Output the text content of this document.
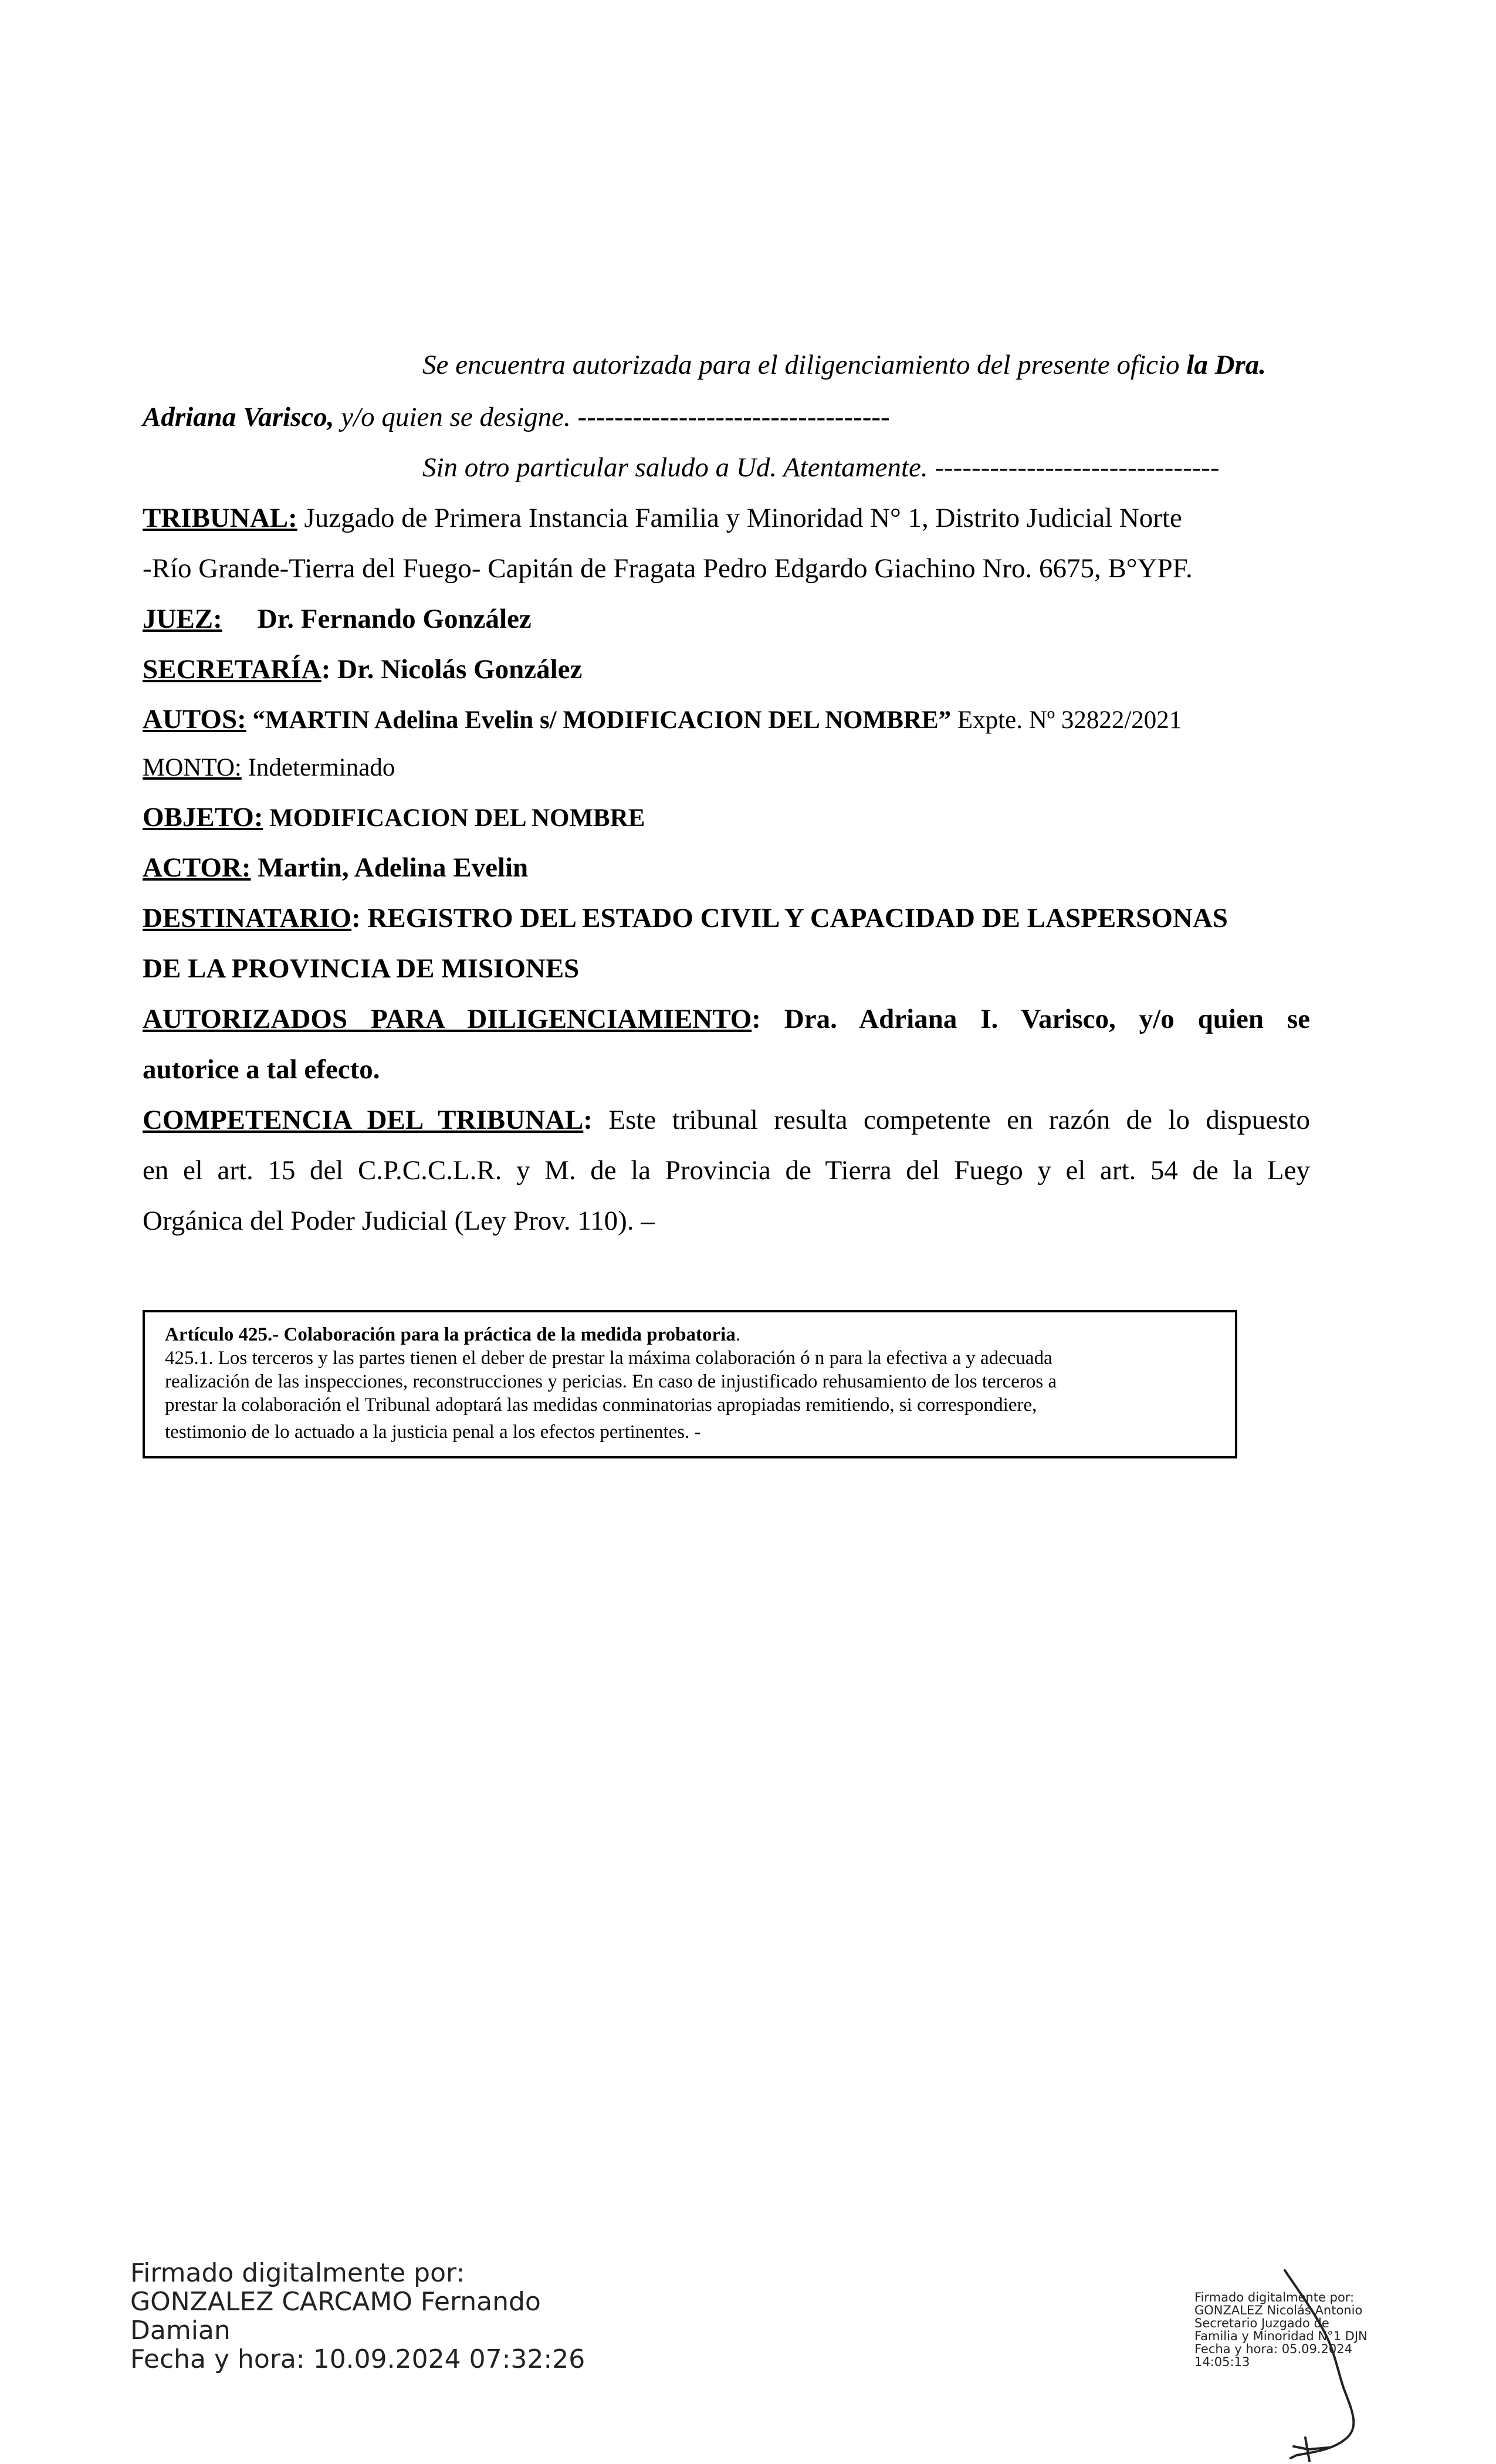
Se encuentra autorizada para el diligenciamiento del presente oficio la Dra.
Adriana Varisco, y/o quien se designe. ----------------------------------
Sin otro particular saludo a Ud. Atentamente. -------------------------------
TRIBUNAL: Juzgado de Primera Instancia Familia y Minoridad N° 1, Distrito Judicial Norte
-Río Grande-Tierra del Fuego- Capitán de Fragata Pedro Edgardo Giachino Nro. 6675, B°YPF.
JUEZ: Dr. Fernando González
SECRETARÍA: Dr. Nicolás González
AUTOS: “MARTIN Adelina Evelin s/ MODIFICACION DEL NOMBRE” Expte. Nº 32822/2021
MONTO: Indeterminado
OBJETO: MODIFICACION DEL NOMBRE
ACTOR: Martin, Adelina Evelin
DESTINATARIO: REGISTRO DEL ESTADO CIVIL Y CAPACIDAD DE LASPERSONAS
DE LA PROVINCIA DE MISIONES
AUTORIZADOS PARA DILIGENCIAMIENTO: Dra. Adriana I. Varisco, y/o quien se
autorice a tal efecto.
COMPETENCIA DEL TRIBUNAL: Este tribunal resulta competente en razón de lo dispuesto
en el art. 15 del C.P.C.C.L.R. y M. de la Provincia de Tierra del Fuego y el art. 54 de la Ley
Orgánica del Poder Judicial (Ley Prov. 110). –
Artículo 425.- Colaboración para la práctica de la medida probatoria.
425.1. Los terceros y las partes tienen el deber de prestar la máxima colaboración ó n para la efectiva a y adecuada
realización de las inspecciones, reconstrucciones y pericias. En caso de injustificado rehusamiento de los terceros a
prestar la colaboración el Tribunal adoptará las medidas conminatorias apropiadas remitiendo, si correspondiere,
testimonio de lo actuado a la justicia penal a los efectos pertinentes. -
Firmado digitalmente por:
GONZALEZ CARCAMO Fernando
Damian
Fecha y hora: 10.09.2024 07:32:26
Firmado digitalmente por:
GONZALEZ Nicolás Antonio
Secretario Juzgado de
Familia y Minoridad N°1 DJN
Fecha y hora: 05.09.2024
14:05:13
